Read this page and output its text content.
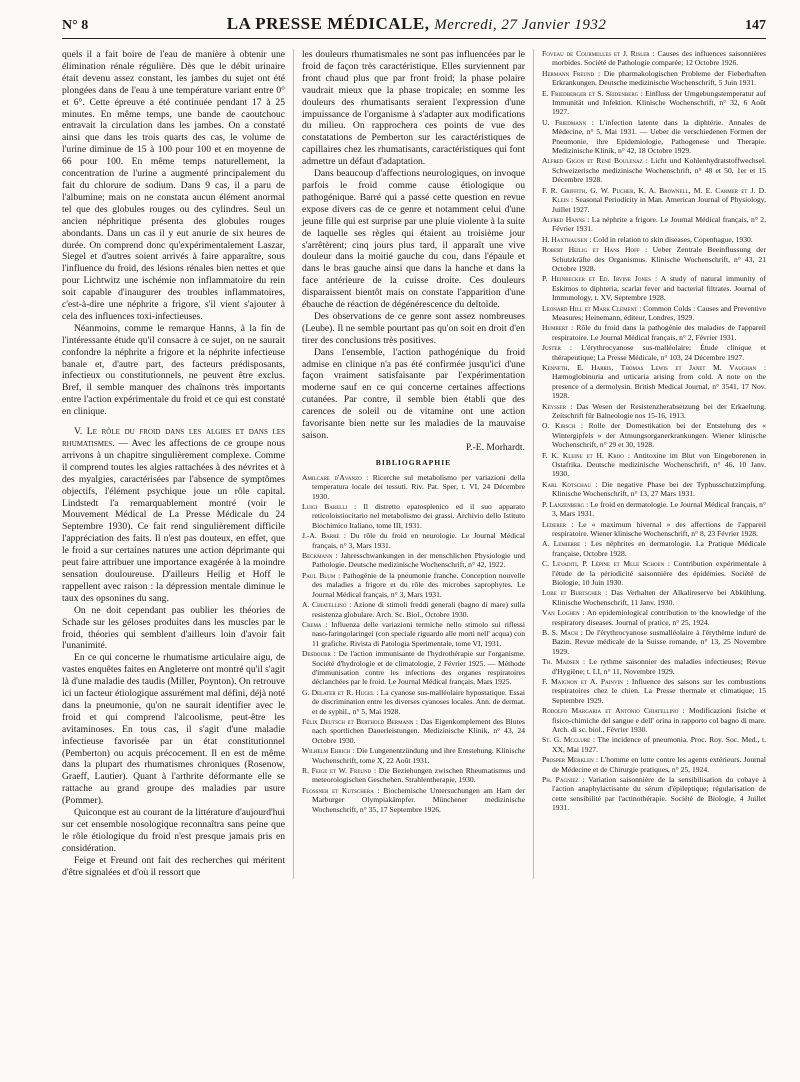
N° 8	LA PRESSE MÉDICALE, Mercredi, 27 Janvier 1932	147

quels il a fait boire de l'eau de manière à obtenir une élimination rénale régulière. Dès que le débit urinaire était devenu assez constant, les jambes du sujet ont été plongées dans de l'eau à une température variant entre 0° et 6°. Cette épreuve a été continuée pendant 17 à 25 minutes. En même temps, une bande de caoutchouc entravait la circulation dans les jambes. On a constaté ainsi que dans les trois quarts des cas, le volume de l'urine diminue de 15 à 100 pour 100 et en moyenne de 66 pour 100. En même temps naturellement, la concentration de l'urine a augmenté principalement du fait du chlorure de sodium. Dans 9 cas, il a paru de l'albumine; mais on ne constata aucun élément anormal tel que des globules rouges ou des cylindres. Seul un ancien néphritique présenta des globules rouges abondants. Dans un cas il y eut anurie de six heures de durée. On comprend donc qu'expérimentalement Laszar, Siegel et d'autres soient arrivés à faire apparaître, sous l'influence du froid, des lésions rénales bien nettes et que pour Lichtwitz une ischémie non inflammatoire du rein soit capable d'inaugurer des troubles inflammatoires, c'est-à-dire une néphrite a frigore, s'il vient s'ajouter à cela des influences toxi-infectieuses.

Néanmoins, comme le remarque Hanns, à la fin de l'intéressante étude qu'il consacre à ce sujet, on ne saurait confondre la néphrite a frigore et la néphrite infectieuse banale et, d'autre part, des facteurs prédisposants, infectieux ou constitutionnels, ne peuvent être exclus. Bref, il semble manquer des chaînons très importants entre l'action expérimentale du froid et ce qui est constaté en clinique.

V. Le rôle du froid dans les algies et dans les rhumatismes. — Avec les affections de ce groupe nous arrivons à un chapitre singulièrement complexe. Comme il comprend toutes les algies rattachées à des névrites et à des myalgies, caractérisées par l'absence de symptômes objectifs, l'élément psychique joue un rôle capital. Lindstedt l'a remarquablement montré (voir le Mouvement Médical de La Presse Médicale du 24 Septembre 1930). Ce fait rend singulièrement difficile l'appréciation des faits. Il n'est pas douteux, en effet, que le froid a sur certaines natures une action déprimante qui peut faire attribuer une importance exagérée à la moindre sensation douloureuse. D'ailleurs Heilig et Hoff le rappellent avec raison : la dépression mentale diminue le taux des opsonines du sang.

On ne doit cependant pas oublier les théories de Schade sur les géloses produites dans les muscles par le froid, théories qui semblent d'ailleurs loin d'avoir fait l'unanimité.

En ce qui concerne le rhumatisme articulaire aigu, de vastes enquêtes faites en Angleterre ont montré qu'il s'agit là d'une maladie des taudis (Miller, Poynton). On retrouve ici un facteur étiologique assurément mal défini, déjà noté dans la pneumonie, qu'on ne saurait identifier avec le froid et qui comprend l'alcoolisme, peut-être les avitaminoses. En tous cas, il s'agit d'une maladie infectieuse favorisée par un état constitutionnel (Pemberton) ou acquis précocement. Il en est de même dans la plupart des rhumatismes chroniques (Rosenow, Graeff, Lautier). Quant à l'arthrite déformante elle se rattache au grand groupe des maladies par usure (Pommer).

Quiconque est au courant de la littérature d'aujourd'hui sur cet ensemble nosologique reconnaîtra sans peine que le rôle étiologique du froid n'est presque jamais pris en considération.

Feige et Freund ont fait des recherches qui méritent d'être signalées et d'où il ressort que

les douleurs rhumatismales ne sont pas influencées par le froid de façon très caractéristique. Elles surviennent par front chaud plus que par front froid; la phase polaire vaudrait mieux que la phase tropicale; en somme les douleurs des rhumatisants seraient l'expression d'une impuissance de l'organisme à s'adapter aux modifications du milieu. On rapprochera ces points de vue des constatations de Pemberton sur les caractéristiques de capillaires chez les rhumatisants, caractéristiques qui font admettre un défaut d'adaptation.

Dans beaucoup d'affections neurologiques, on invoque parfois le froid comme cause étiologique ou pathogénique. Barré qui a passé cette question en revue expose divers cas de ce genre et notamment celui d'une jeune fille qui est surprise par une pluie violente à la suite de laquelle ses règles qui étaient au troisième jour s'arrêtèrent; cinq jours plus tard, il apparaît une vive douleur dans la moitié gauche du cou, dans l'épaule et dans le bras gauche ainsi que dans la hanche et dans la face antérieure de la cuisse droite. Ces douleurs disparaissent bientôt mais on constate l'apparition d'une ébauche de réaction de dégénérescence du deltoïde.

Des observations de ce genre sont assez nombreuses (Leube). Il ne semble pourtant pas qu'on soit en droit d'en tirer des conclusions très positives.

Dans l'ensemble, l'action pathogénique du froid admise en clinique n'a pas été confirmée jusqu'ici d'une façon vraiment satisfaisante par l'expérimentation moderne sauf en ce qui concerne certaines affections cutanées. Par contre, il semble bien établi que des carences de soleil ou de vitamine ont une action favorisante bien nette sur les maladies de la mauvaise saison.

P.-E. Morhardt.

BIBLIOGRAPHIE
Amilcare d'Avanzo : Ricerche sul metabolismo per variazioni della temperatura locale dei tessuti. Riv. Pat. Sper, t. VI, 24 Décembre 1930.
Luigi Barelli : Il distretto epatosplenico ed il suo apparato reticoloistiocitario nel metabolismo dei grassi. Archivio dello Istituto Biochimico Italiano, tome III, 1931.
J.-A. Barré : Du rôle du froid en neurologie. Le Journal Médical français, n° 3, Mars 1931.
Beckmann : Jahresschwankungen in der menschlichen Physiologie und Pathologie. Deutsche medizinische Wochenschrift, n° 42, 1922.
Paul Blum : Pathogénie de la pneumonie franche. Conception nouvelle des maladies a frigore et du rôle des microbes saprophytes. Le Journal Médical français, n° 3, Mars 1931.
A. Chiatellino : Azione di stimoli freddi generali (bagno di mare) sulla resistenza globulare. Arch. Sc. Biol., Octobre 1930.
Crema : Influenza delle variazioni termiche nello stimolo sui riflessi naso-faringolaringei (con speciale riguardo alle morti nell' acqua) con 11 grafiche. Rivista di Patologia Sperimentale, tome VI, 1931.
Desdoubr : De l'action immunisante de l'hydrothérapie sur l'organisme. Société d'hydrologie et de climatologie, 2 Février 1925. — Méthode d'immunisation contre les infections des organes respiratoires déclanchées par le froid. Le Journal Médical français, Mars 1925.
G. Delater et R. Hugel : La cyanose sus-malléolaire hypostatique. Essai de discrimination entre les diverses cyanoses locales. Ann. de dermat. et de syphil., n° 5, Mai 1928.
Félix Deutsch et Berthold Bermann : Das Eigenkomplement des Blutes nach sportlichen Dauerleistungen. Medizinische Klinik, n° 43, 24 Octobre 1930.
Wilhelm Ehrich : Die Lungenentzündung und ihre Entstehung. Klinische Wochenschrift, tome X, 22 Août 1931.
R. Feige et W. Freund : Die Beziehungen zwischen Rheumatismus und meteorologischen Geschehen. Strahlentherapie, 1930.
Flossner et Kutschera : Biochemische Untersuchungen am Harn der Marburger Olympiakämpfer. Münchener medizinische Wochenschrift, n° 35, 17 Septembre 1926.
Foveau de Courmelles et J. Risler : Causes des influences saisonnières morbides. Société de Pathologie comparée; 12 Octobre 1926.
Hermann Freund : Die pharmakologischen Probleme der Fieberhaften Erkrankungen. Deutsche medizinische Wochenschrift, 5 Juin 1931.
E. Friedberger et S. Seidenberg : Einfluss der Umgebungstemperatur auf Immunität und Infektion. Klinische Wochenschrift, n° 32, 6 Août 1927.
U. Friedmann : L'infection latente dans la diphtérie. Annales de Médecine, n° 5, Mai 1931. — Ueber die verschiedenen Formen der Pneumonie, ihre Epidemiologie, Pathogenese und Therapie. Medizinische Klinik, n° 42, 18 Octobre 1929.
Alfred Gigon et René Boulenaz : Licht und Kohlenhydratstoffwechsel. Schweizerische medizinische Wochenschrift, n° 48 et 50, 1er et 15 Décembre 1928.
F. R. Griffith, G. W. Pucher, K. A. Brownell, M. E. Carmer et J. D. Klein : Seasonal Periodicity in Man. American Journal of Physiology, Juillet 1927.
Alfred Hanns : La néphrite a frigore. Le Journal Médical français, n° 2, Février 1931.
H. Haxthausen : Cold in relation to skin diseases, Copenhague, 1930.
Robert Heilig et Hans Hoff : Ueber Zentrale Beeinflussung der Schutzkräfte des Organismus. Klinische Wochenschrift, n° 43, 21 Octobre 1928.
P. Heinbecker et Ed. Irvine Jones : A study of natural immunity of Eskimos to diphteria, scarlat fever and bacterial filtrates. Journal of Immunology, t. XV, Septembre 1928.
Leonard Hill et Mark Clement : Common Colds : Causes and Preventive Measures; Heinemann, éditeur, Londres, 1929.
Humbert : Rôle du froid dans la pathogénie des maladies de l'appareil respiratoire. Le Journal Médical français, n° 2, Février 1931.
Juster : L'érythrocyanose sus-malléolaire; Étude clinique et thérapeutique; La Presse Médicale, n° 103, 24 Décembre 1927.
Kenneth, E. Harris, Thomas Lewis et Janet M. Vaughan : Hæmoglobinuria and urticaria arising from cold. A note on the presence of a dermolysin. British Medical Journal, n° 3541, 17 Nov. 1928.
Keysser : Das Wesen der Resistenzherabsetzung bei der Erkaeltung. Zeitschrift für Balneologie nos 15-16, 1913.
O. Kirsch : Rolle der Domestikation bei der Entstehung des « Wintergipfels » der Atmungsorganerkrankungen. Wiener klinische Wochenschrift, n° 29 et 30, 1928.
F. K. Kleine et H. Kroo : Antitoxine im Blut von Eingeborenen in Ostafrika. Deutsche medizinische Wochenschrift, n° 46, 10 Janv. 1930.
Karl Kotschau : Die negative Phase bei der Typhusschutzimpfung. Klinische Wochenschrift, n° 13, 27 Mars 1931.
P. Lanzenberg : Le froid en dermatologie. Le Journal Médical français, n° 3, Mars 1931.
Lederer : Le « maximum hivernal » des affections de l'appareil respiratoire. Wiener klinische Wochenschrift, n° 8, 23 Février 1928.
A. Lemierre : Les néphrites en dermatologie. La Pratique Médicale française, Octobre 1928.
C. Levaditi, P. Lépine et Mlle Schoen : Contribution expérimentale à l'étude de la périodicité saisonnière des épidémies. Société de Biologie, 10 Juin 1930.
Lobe et Burtscher : Das Verhalten der Alkalireserve bei Abkühlung. Klinische Wochenschrift, 11 Janv. 1930.
Van Loghen : An epidemiological contribution to the knowledge of the respiratory diseases. Journal of pratice, n° 25, 1924.
B. S. Mach : De l'érythrocyanose susmalléolaire à l'érythème induré de Bazin. Revue médicale de la Suisse romande, n° 13, 25 Novembre 1929.
Th. Madsen : Le rythme saisonnier des maladies infectieuses; Revue d'Hygiène; t. LI, n° 11, Novembre 1929.
F. Maignon et A. Painvin : Influence des saisons sur les combustions respiratoires chez le chien. La Presse thermale et climatique; 15 Septembre 1929.
Rodolfo Margaria et Antonio Chiatellino : Modificazioni fisiche et fisico-chimiche del sangue e dell' orina in rapporto col bagno di mare. Arch. di sc. biol., Février 1930.
St. G. Mcclure : The incidence of pneumonia. Proc. Roy. Soc. Med., t. XX, Mai 1927.
Prosper Merklen : L'homme en lutte contre les agents extérieurs. Journal de Médecine et de Chirurgie pratiques, n° 25, 1924.
Ph. Pagniez : Variation saisonnière de la sensibilisation du cobaye à l'action anaphylactisante du sérum d'épileptique; régularisation de cette sensibilité par l'actinothérapie. Société de Biologie, 4 Juillet 1931.
